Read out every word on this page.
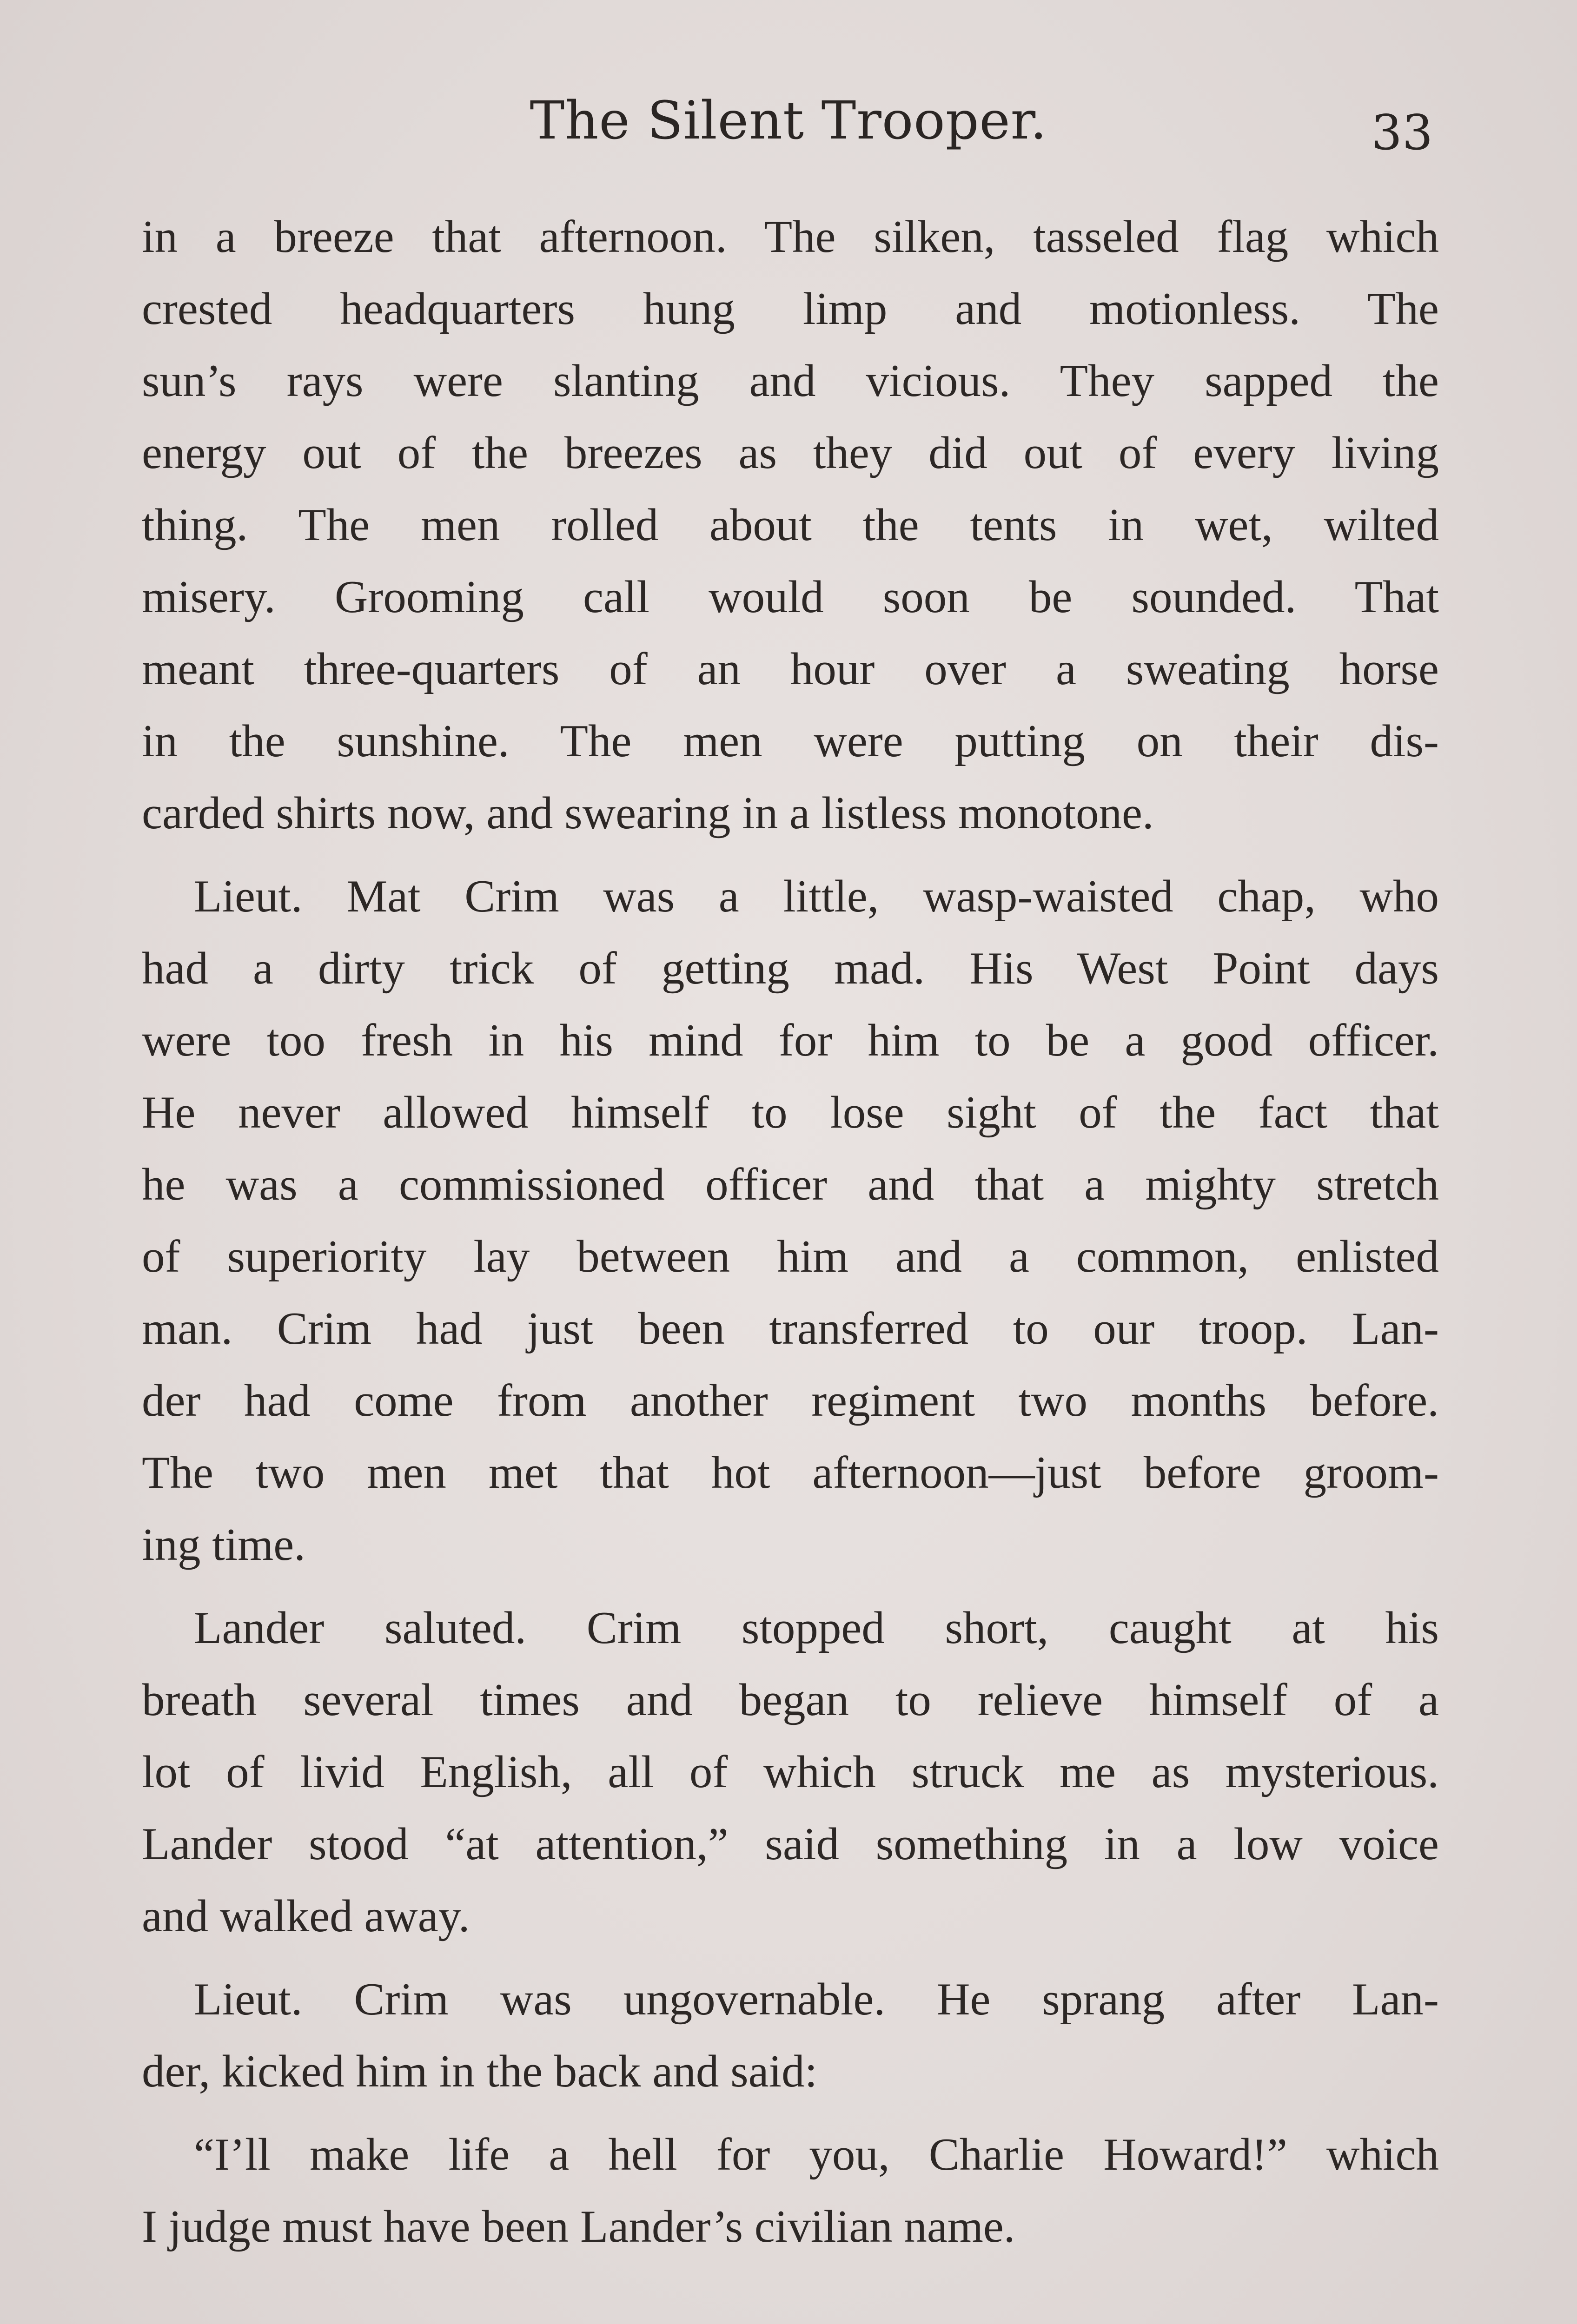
The Silent Trooper.	33
in a breeze that afternoon. The silken, tasseled flag which
crested headquarters hung limp and motionless. The
sun’s rays were slanting and vicious. They sapped the
energy out of the breezes as they did out of every living
thing. The men rolled about the tents in wet, wilted
misery. Grooming call would soon be sounded. That
meant three-quarters of an hour over a sweating horse
in the sunshine. The men were putting on their dis-
carded shirts now, and swearing in a listless monotone.
Lieut. Mat Crim was a little, wasp-waisted chap, who
had a dirty trick of getting mad. His West Point days
were too fresh in his mind for him to be a good officer.
He never allowed himself to lose sight of the fact that
he was a commissioned officer and that a mighty stretch
of superiority lay between him and a common, enlisted
man. Crim had just been transferred to our troop. Lan-
der had come from another regiment two months before.
The two men met that hot afternoon—just before groom-
ing time.
Lander saluted. Crim stopped short, caught at his
breath several times and began to relieve himself of a
lot of livid English, all of which struck me as mysterious.
Lander stood “at attention,” said something in a low voice
and walked away.
Lieut. Crim was ungovernable. He sprang after Lan-
der, kicked him in the back and said:
“I’ll make life a hell for you, Charlie Howard!” which
I judge must have been Lander’s civilian name.
